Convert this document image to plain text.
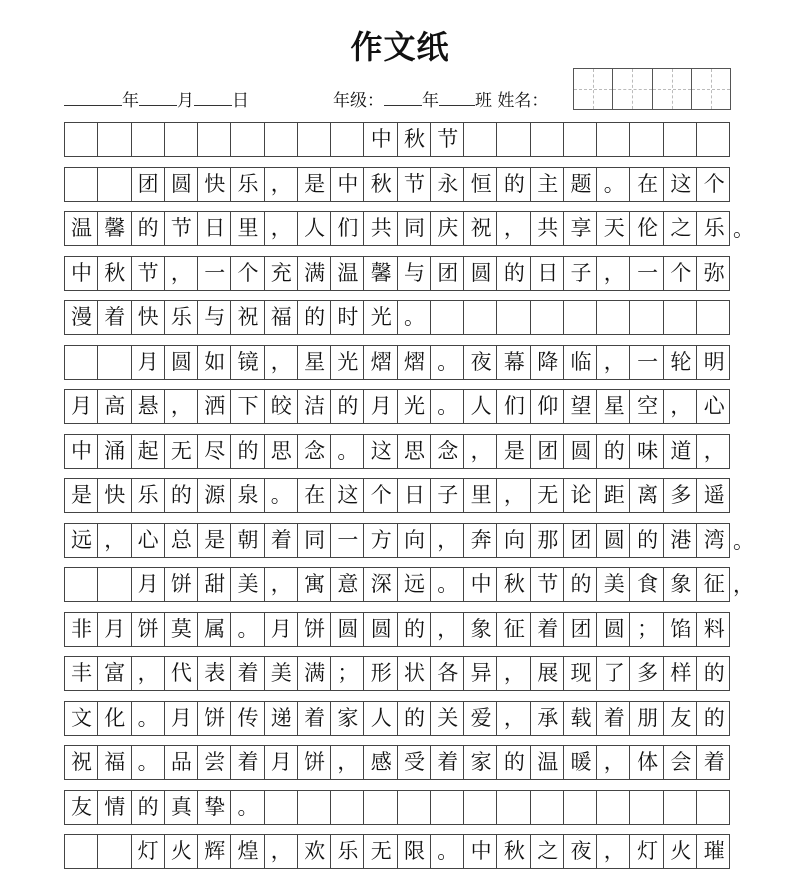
作文纸
年 月 日	年级： 年 班 姓名：
　　　　　　　　　中秋节　　　　　　　　
　　团圆快乐，是中秋节永恒的主题。在这个
温馨的节日里，人们共同庆祝，共享天伦之乐
。
中秋节，一个充满温馨与团圆的日子，一个弥
漫着快乐与祝福的时光。　　　　　　　　　
　　月圆如镜，星光熠熠。夜幕降临，一轮明
月高悬，洒下皎洁的月光。人们仰望星空，心
中涌起无尽的思念。这思念，是团圆的味道，
是快乐的源泉。在这个日子里，无论距离多遥
远，心总是朝着同一方向，奔向那团圆的港湾
。
　　月饼甜美，寓意深远。中秋节的美食象征
，
非月饼莫属。月饼圆圆的，象征着团圆；馅料
丰富，代表着美满；形状各异，展现了多样的
文化。月饼传递着家人的关爱，承载着朋友的
祝福。品尝着月饼，感受着家的温暖，体会着
友情的真挚。　　　　　　　　　　　　　　
　　灯火辉煌，欢乐无限。中秋之夜，灯火璀
